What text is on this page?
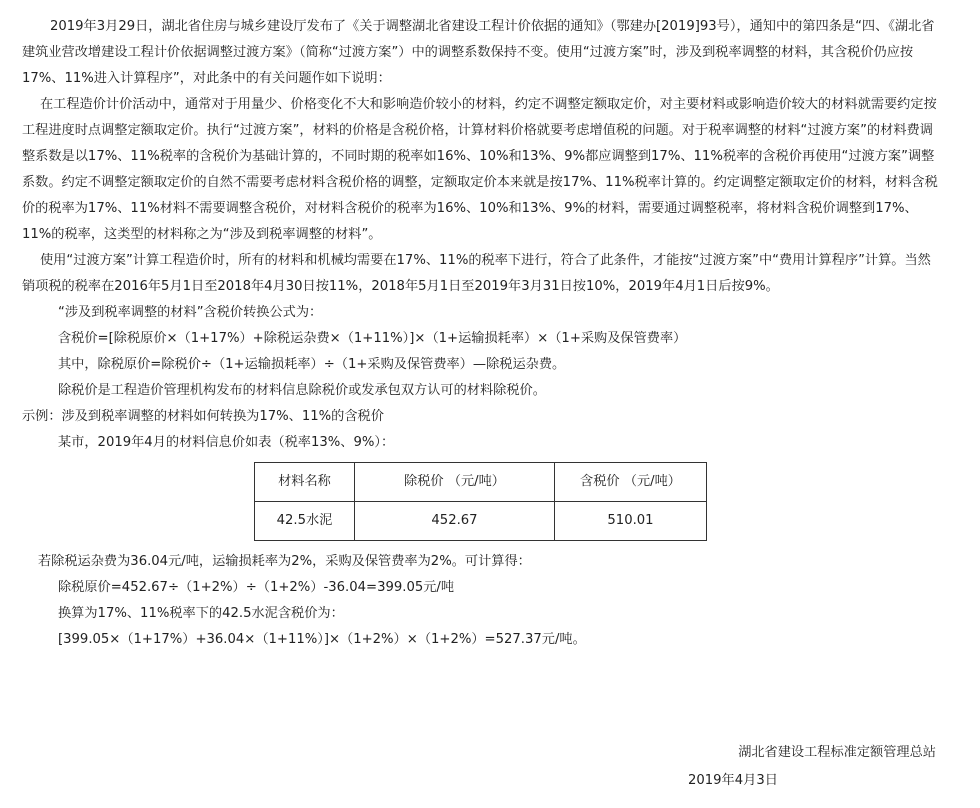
2019年3月29日，湖北省住房与城乡建设厅发布了《关于调整湖北省建设工程计价依据的通知》（鄂建办[2019]93号），通知中的第四条是“四、《湖北省建筑业营改增建设工程计价依据调整过渡方案》（简称“过渡方案”）中的调整系数保持不变。使用“过渡方案”时，涉及到税率调整的材料，其含税价仍应按17%、11%进入计算程序”，对此条中的有关问题作如下说明：

在工程造价计价活动中，通常对于用量少、价格变化不大和影响造价较小的材料，约定不调整定额取定价，对主要材料或影响造价较大的材料就需要约定按工程进度时点调整定额取定价。执行“过渡方案”，材料的价格是含税价格，计算材料价格就要考虑增值税的问题。对于税率调整的材料“过渡方案”的材料费调整系数是以17%、11%税率的含税价为基础计算的，不同时期的税率如16%、10%和13%、9%都应调整到17%、11%税率的含税价再使用“过渡方案”调整系数。约定不调整定额取定价的自然不需要考虑材料含税价格的调整，定额取定价本来就是按17%、11%税率计算的。约定调整定额取定价的材料，材料含税价的税率为17%、11%材料不需要调整含税价，对材料含税价的税率为16%、10%和13%、9%的材料，需要通过调整税率，将材料含税价调整到17%、11%的税率，这类型的材料称之为“涉及到税率调整的材料”。

使用“过渡方案”计算工程造价时，所有的材料和机械均需要在17%、11%的税率下进行，符合了此条件，才能按“过渡方案”中“费用计算程序”计算。当然销项税的税率在2016年5月1日至2018年4月30日按11%，2018年5月1日至2019年3月31日按10%，2019年4月1日后按9%。

“涉及到税率调整的材料”含税价转换公式为：

含税价=[除税原价×（1+17%）+除税运杂费×（1+11%）]×（1+运输损耗率）×（1+采购及保管费率）

其中，除税原价=除税价÷（1+运输损耗率）÷（1+采购及保管费率）—除税运杂费。

除税价是工程造价管理机构发布的材料信息除税价或发承包双方认可的材料除税价。

示例：涉及到税率调整的材料如何转换为17%、11%的含税价

某市，2019年4月的材料信息价如表（税率13%、9%）：

材料名称	除税价 （元/吨）	含税价 （元/吨）
42.5水泥	452.67	510.01

若除税运杂费为36.04元/吨，运输损耗率为2%，采购及保管费率为2%。可计算得：

除税原价=452.67÷（1+2%）÷（1+2%）-36.04=399.05元/吨

换算为17%、11%税率下的42.5水泥含税价为：

[399.05×（1+17%）+36.04×（1+11%）]×（1+2%）×（1+2%）=527.37元/吨。

湖北省建设工程标准定额管理总站
2019年4月3日
